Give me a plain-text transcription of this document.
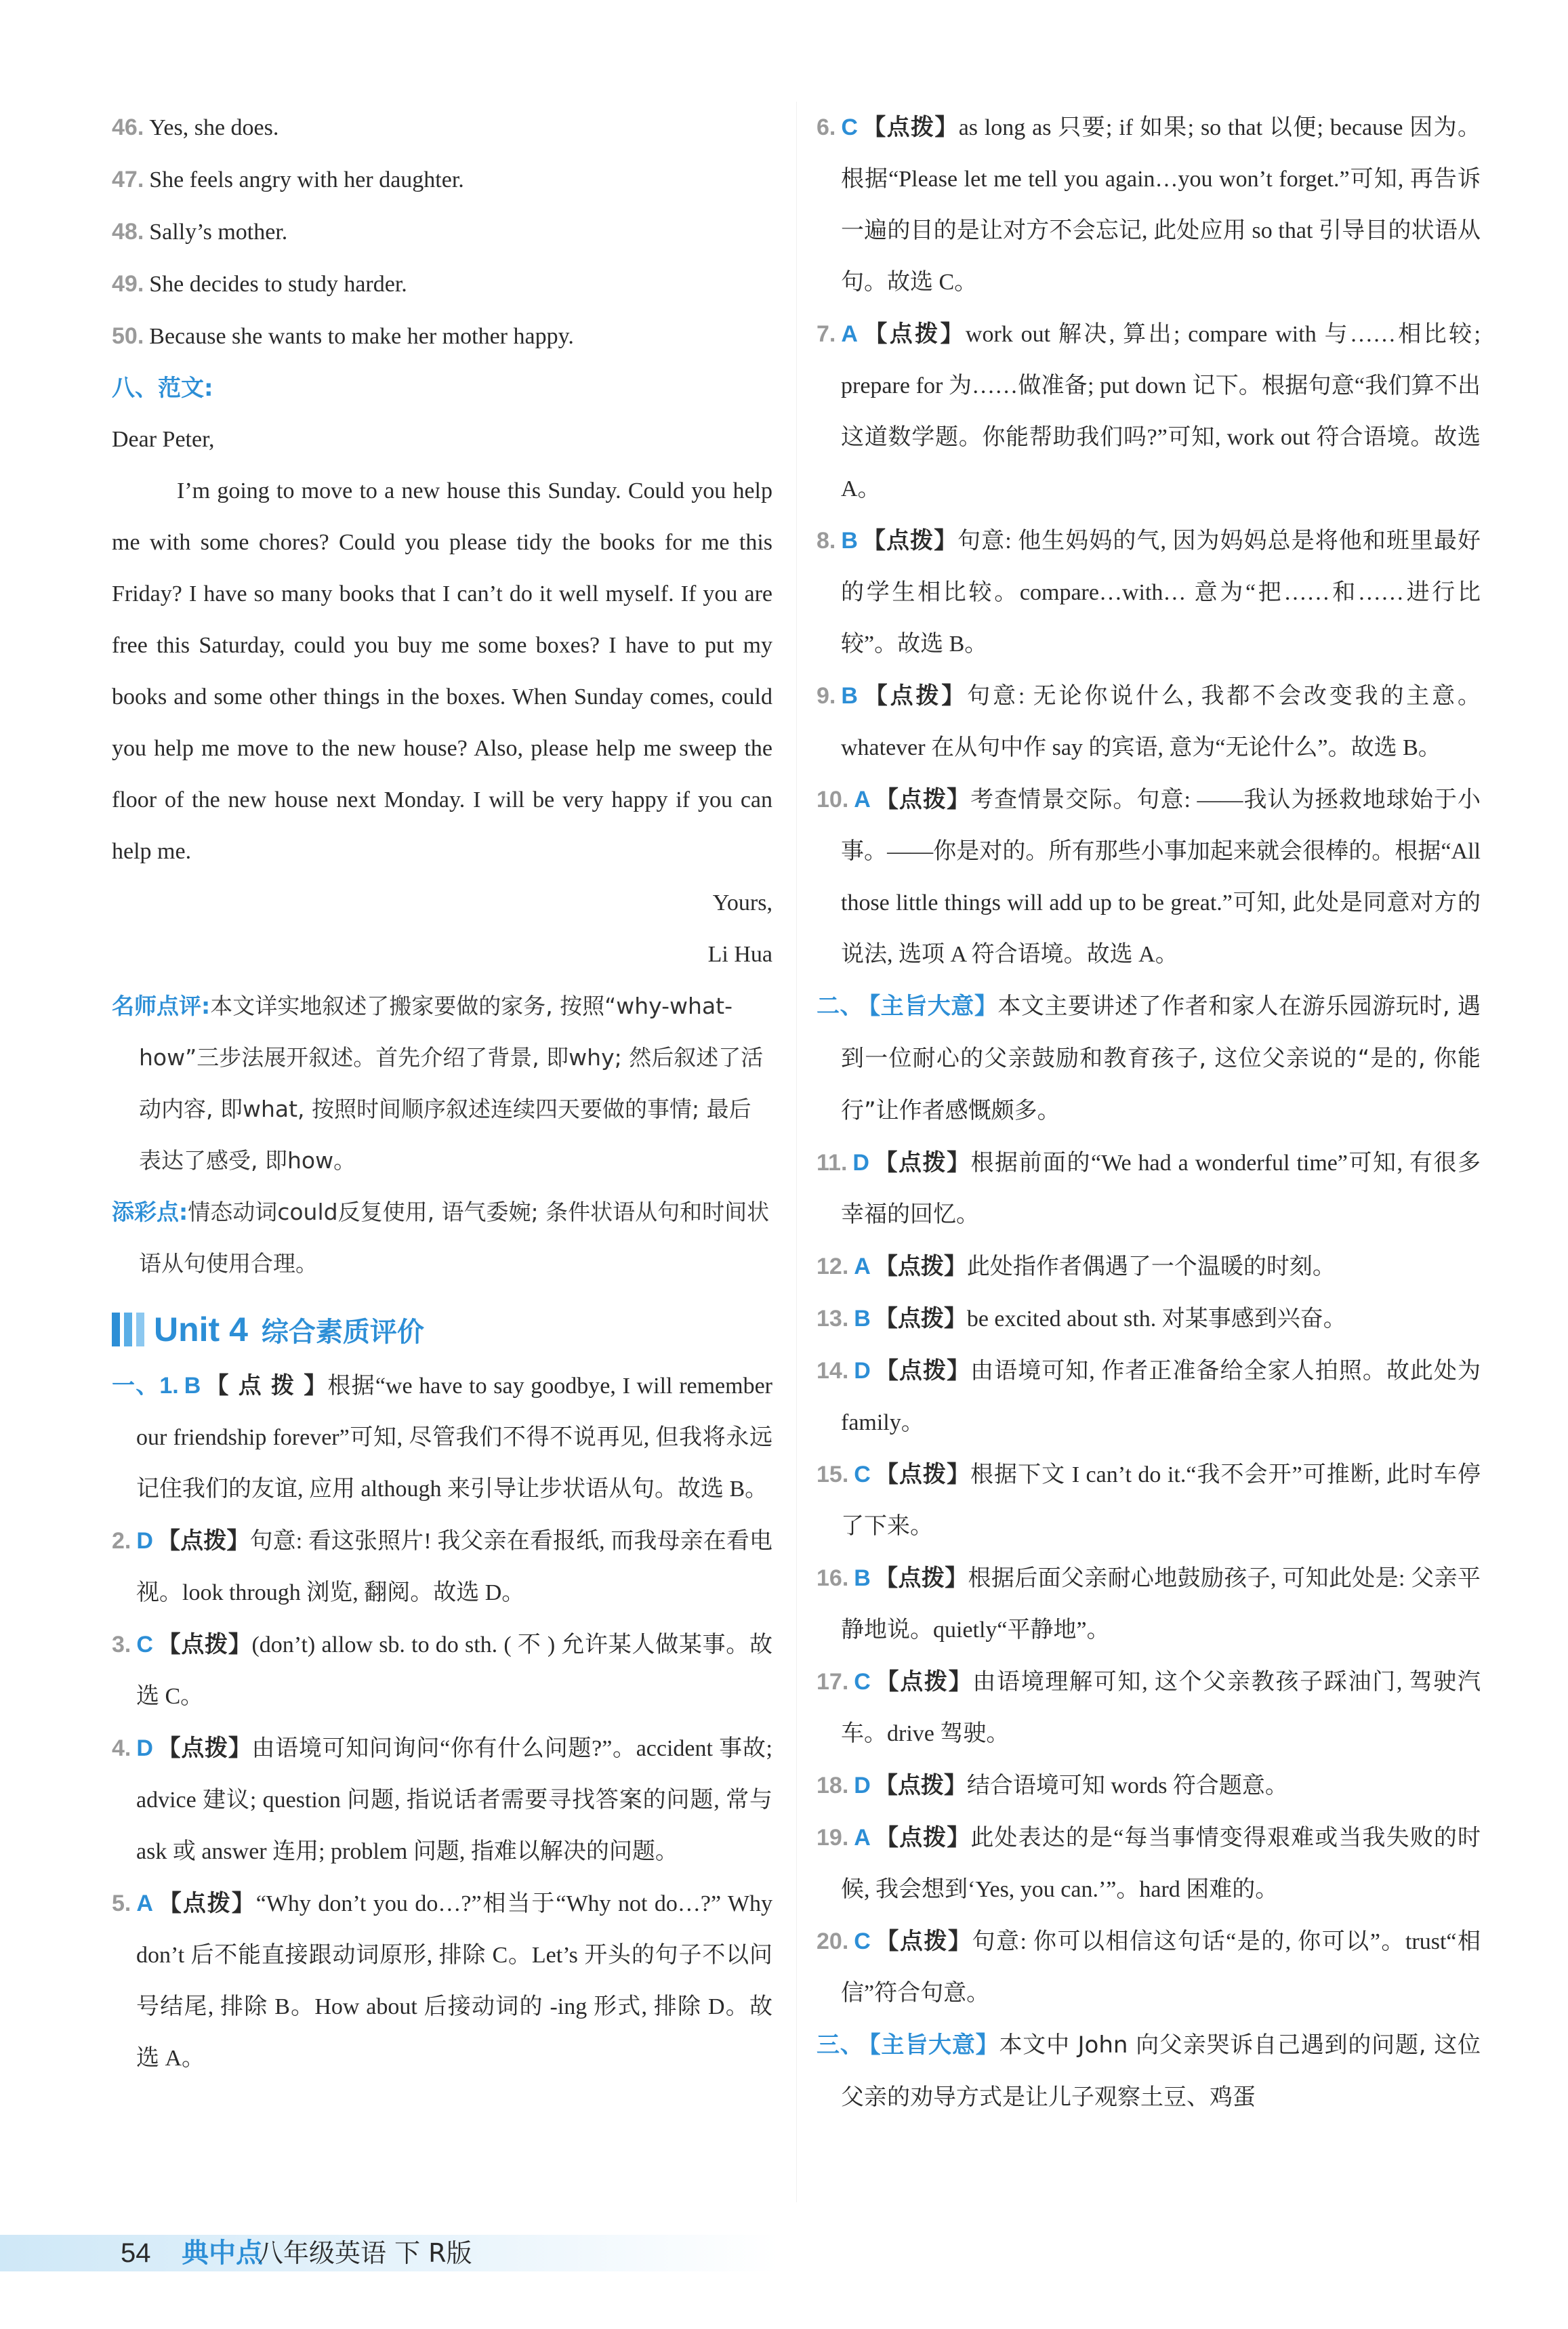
46. Yes, she does.
47. She feels angry with her daughter.
48. Sally’s mother.
49. She decides to study harder.
50. Because she wants to make her mother happy.
八、范文:
Dear Peter,
I’m going to move to a new house this Sunday. Could you help me with some chores? Could you please tidy the books for me this Friday? I have so many books that I can’t do it well myself. If you are free this Saturday, could you buy me some boxes? I have to put my books and some other things in the boxes. When Sunday comes, could you help me move to the new house? Also, please help me sweep the floor of the new house next Monday. I will be very happy if you can help me.
Yours,
Li Hua
名师点评:本文详实地叙述了搬家要做的家务, 按照“why-what- how”三步法展开叙述。首先介绍了背景, 即why; 然后叙述了活动内容, 即what, 按照时间顺序叙述连续四天要做的事情; 最后表达了感受, 即how。
添彩点:情态动词could反复使用, 语气委婉; 条件状语从句和时间状语从句使用合理。
Unit 4 综合素质评价
一、1. B 【 点 拨 】根据“we have to say goodbye, I will remember our friendship forever”可知, 尽管我们不得不说再见, 但我将永远记住我们的友谊, 应用 although 来引导让步状语从句。故选 B。
2. D 【点拨】句意: 看这张照片! 我父亲在看报纸, 而我母亲在看电视。look through 浏览, 翻阅。故选 D。
3. C 【点拨】(don’t) allow sb. to do sth. ( 不 ) 允许某人做某事。故选 C。
4. D 【点拨】由语境可知问询问“你有什么问题?”。accident 事故; advice 建议; question 问题, 指说话者需要寻找答案的问题, 常与 ask 或 answer 连用; problem 问题, 指难以解决的问题。
5. A 【点拨】“Why don’t you do…?”相当于“Why not do…?” Why don’t 后不能直接跟动词原形, 排除 C。Let’s 开头的句子不以问号结尾, 排除 B。How about 后接动词的 -ing 形式, 排除 D。故选 A。
6. C 【点拨】as long as 只要; if 如果; so that 以便; because 因为。根据“Please let me tell you again…you won’t forget.”可知, 再告诉一遍的目的是让对方不会忘记, 此处应用 so that 引导目的状语从句。故选 C。
7. A 【点拨】work out 解决, 算出; compare with 与……相比较; prepare for 为……做准备; put down 记下。根据句意“我们算不出这道数学题。你能帮助我们吗?”可知, work out 符合语境。故选 A。
8. B 【点拨】句意: 他生妈妈的气, 因为妈妈总是将他和班里最好的学生相比较。compare…with… 意为“把……和……进行比较”。故选 B。
9. B 【点拨】句意: 无论你说什么, 我都不会改变我的主意。whatever 在从句中作 say 的宾语, 意为“无论什么”。故选 B。
10. A 【点拨】考查情景交际。句意: ——我认为拯救地球始于小事。——你是对的。所有那些小事加起来就会很棒的。根据“All those little things will add up to be great.”可知, 此处是同意对方的说法, 选项 A 符合语境。故选 A。
二、 【主旨大意】本文主要讲述了作者和家人在游乐园游玩时, 遇到一位耐心的父亲鼓励和教育孩子, 这位父亲说的“是的, 你能行”让作者感慨颇多。
11. D 【点拨】根据前面的“We had a wonderful time”可知, 有很多幸福的回忆。
12. A 【点拨】此处指作者偶遇了一个温暖的时刻。
13. B 【点拨】be excited about sth. 对某事感到兴奋。
14. D 【点拨】由语境可知, 作者正准备给全家人拍照。故此处为 family。
15. C 【点拨】根据下文 I can’t do it.“我不会开”可推断, 此时车停了下来。
16. B 【点拨】根据后面父亲耐心地鼓励孩子, 可知此处是: 父亲平静地说。quietly“平静地”。
17. C 【点拨】由语境理解可知, 这个父亲教孩子踩油门, 驾驶汽车。drive 驾驶。
18. D 【点拨】结合语境可知 words 符合题意。
19. A 【点拨】此处表达的是“每当事情变得艰难或当我失败的时候, 我会想到‘Yes, you can.’”。hard 困难的。
20. C 【点拨】句意: 你可以相信这句话“是的, 你可以”。trust“相信”符合句意。
三、 【主旨大意】本文中 John 向父亲哭诉自己遇到的问题, 这位父亲的劝导方式是让儿子观察土豆、鸡蛋
54 典中点
八年级英语 下 R版
